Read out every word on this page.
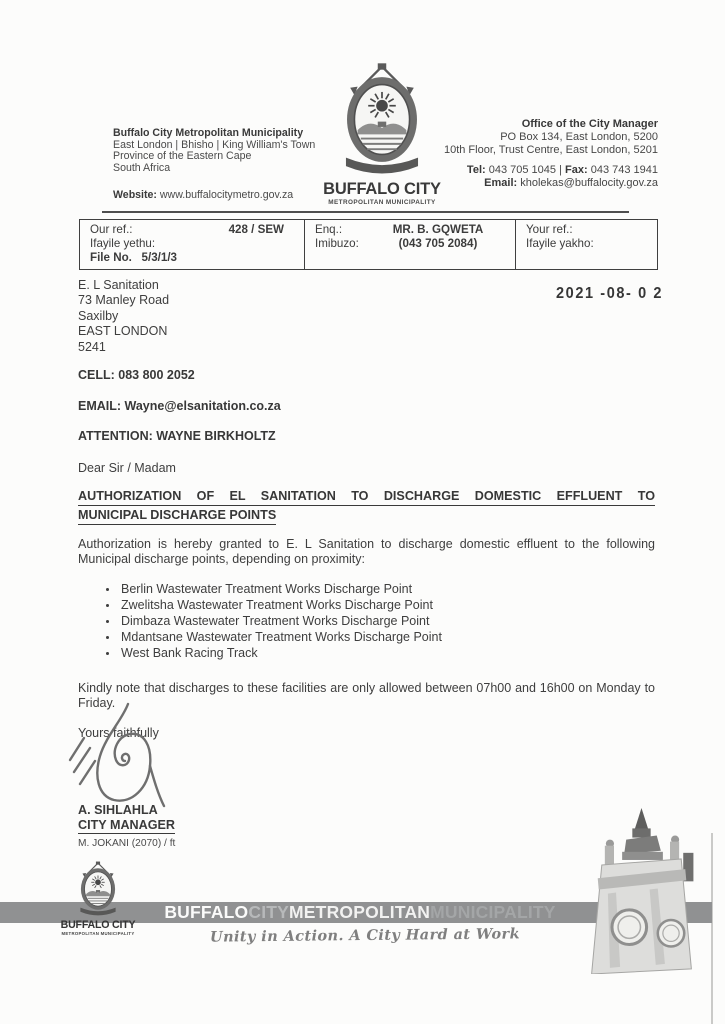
Buffalo City Metropolitan Municipality
East London | Bhisho | King William's Town
Province of the Eastern Cape
South Africa
Website: www.buffalocitymetro.gov.za	BUFFALO CITY
METROPOLITAN MUNICIPALITY
Office of the City Manager
PO Box 134, East London, 5200
10th Floor, Trust Centre, East London, 5201
Tel: 043 705 1045 | Fax: 043 743 1941
Email: kholekas@buffalocity.gov.za
Our ref.:	428 / SEW
Ifayile yethu:
File No. 5/3/1/3
Enq.:	MR. B. GQWETA
Imibuzo:	(043 705 2084)
Your ref.:
Ifayile yakho:
E. L Sanitation
73 Manley Road
Saxilby
EAST LONDON
5241
2021 -08- 0 2
CELL: 083 800 2052
EMAIL: Wayne@elsanitation.co.za
ATTENTION: WAYNE BIRKHOLTZ
Dear Sir / Madam
AUTHORIZATION OF EL SANITATION TO DISCHARGE DOMESTIC EFFLUENT TO
MUNICIPAL DISCHARGE POINTS
Authorization is hereby granted to E. L Sanitation to discharge domestic effluent to the following Municipal discharge points, depending on proximity:
• Berlin Wastewater Treatment Works Discharge Point
• Zwelitsha Wastewater Treatment Works Discharge Point
• Dimbaza Wastewater Treatment Works Discharge Point
• Mdantsane Wastewater Treatment Works Discharge Point
• West Bank Racing Track
Kindly note that discharges to these facilities are only allowed between 07h00 and 16h00 on Monday to Friday.
Yours faithfully
A. SIHLAHLA
CITY MANAGER
M. JOKANI (2070) / ft
BUFFALOCITYMETROPOLITANMUNICIPALITY
Unity in Action. A City Hard at Work
BUFFALO CITY
METROPOLITAN MUNICIPALITY
